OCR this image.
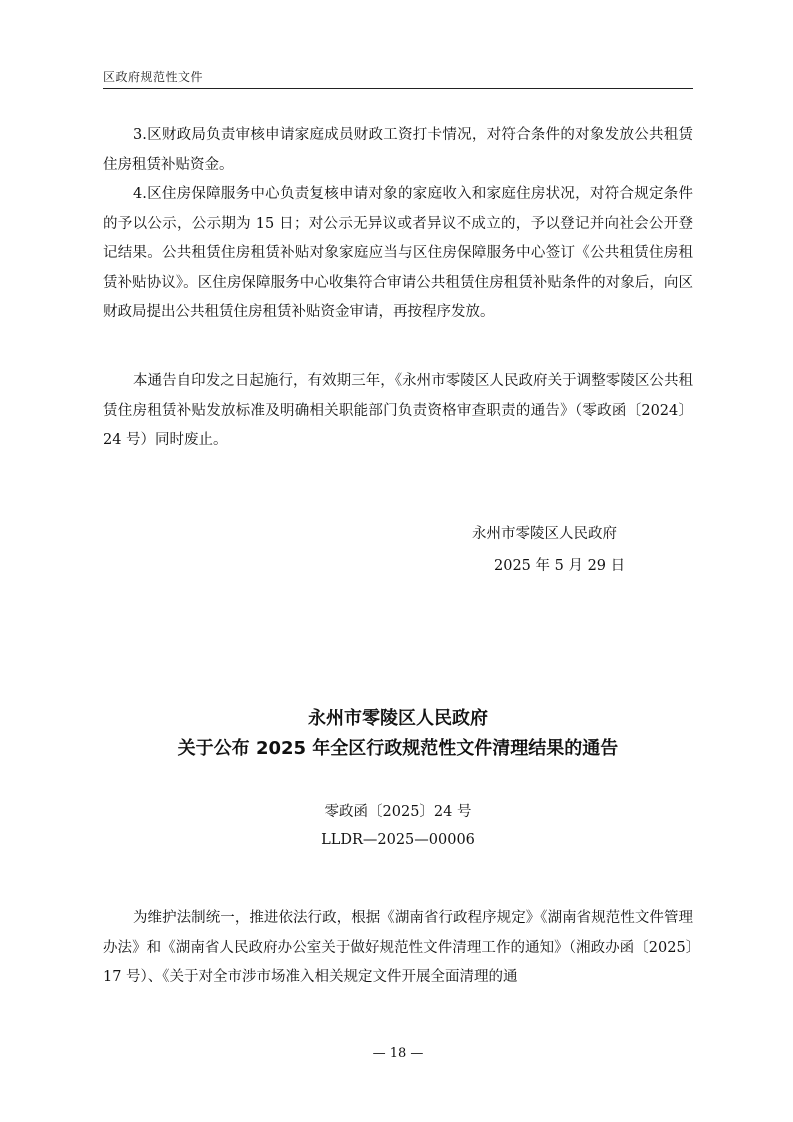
区政府规范性文件

3.区财政局负责审核申请家庭成员财政工资打卡情况，对符合条件的对象发放公共租赁住房租赁补贴资金。

4.区住房保障服务中心负责复核申请对象的家庭收入和家庭住房状况，对符合规定条件的予以公示，公示期为 15 日；对公示无异议或者异议不成立的，予以登记并向社会公开登记结果。公共租赁住房租赁补贴对象家庭应当与区住房保障服务中心签订《公共租赁住房租赁补贴协议》。区住房保障服务中心收集符合审请公共租赁住房租赁补贴条件的对象后，向区财政局提出公共租赁住房租赁补贴资金审请，再按程序发放。

本通告自印发之日起施行，有效期三年，《永州市零陵区人民政府关于调整零陵区公共租赁住房租赁补贴发放标准及明确相关职能部门负责资格审查职责的通告》（零政函〔2024〕24 号）同时废止。

永州市零陵区人民政府
2025 年 5 月 29 日
永州市零陵区人民政府
关于公布 2025 年全区行政规范性文件清理结果的通告
零政函〔2025〕24 号
LLDR—2025—00006

为维护法制统一，推进依法行政，根据《湖南省行政程序规定》《湖南省规范性文件管理办法》和《湖南省人民政府办公室关于做好规范性文件清理工作的通知》（湘政办函〔2025〕17 号）、《关于对全市涉市场准入相关规定文件开展全面清理的通

— 18 —
